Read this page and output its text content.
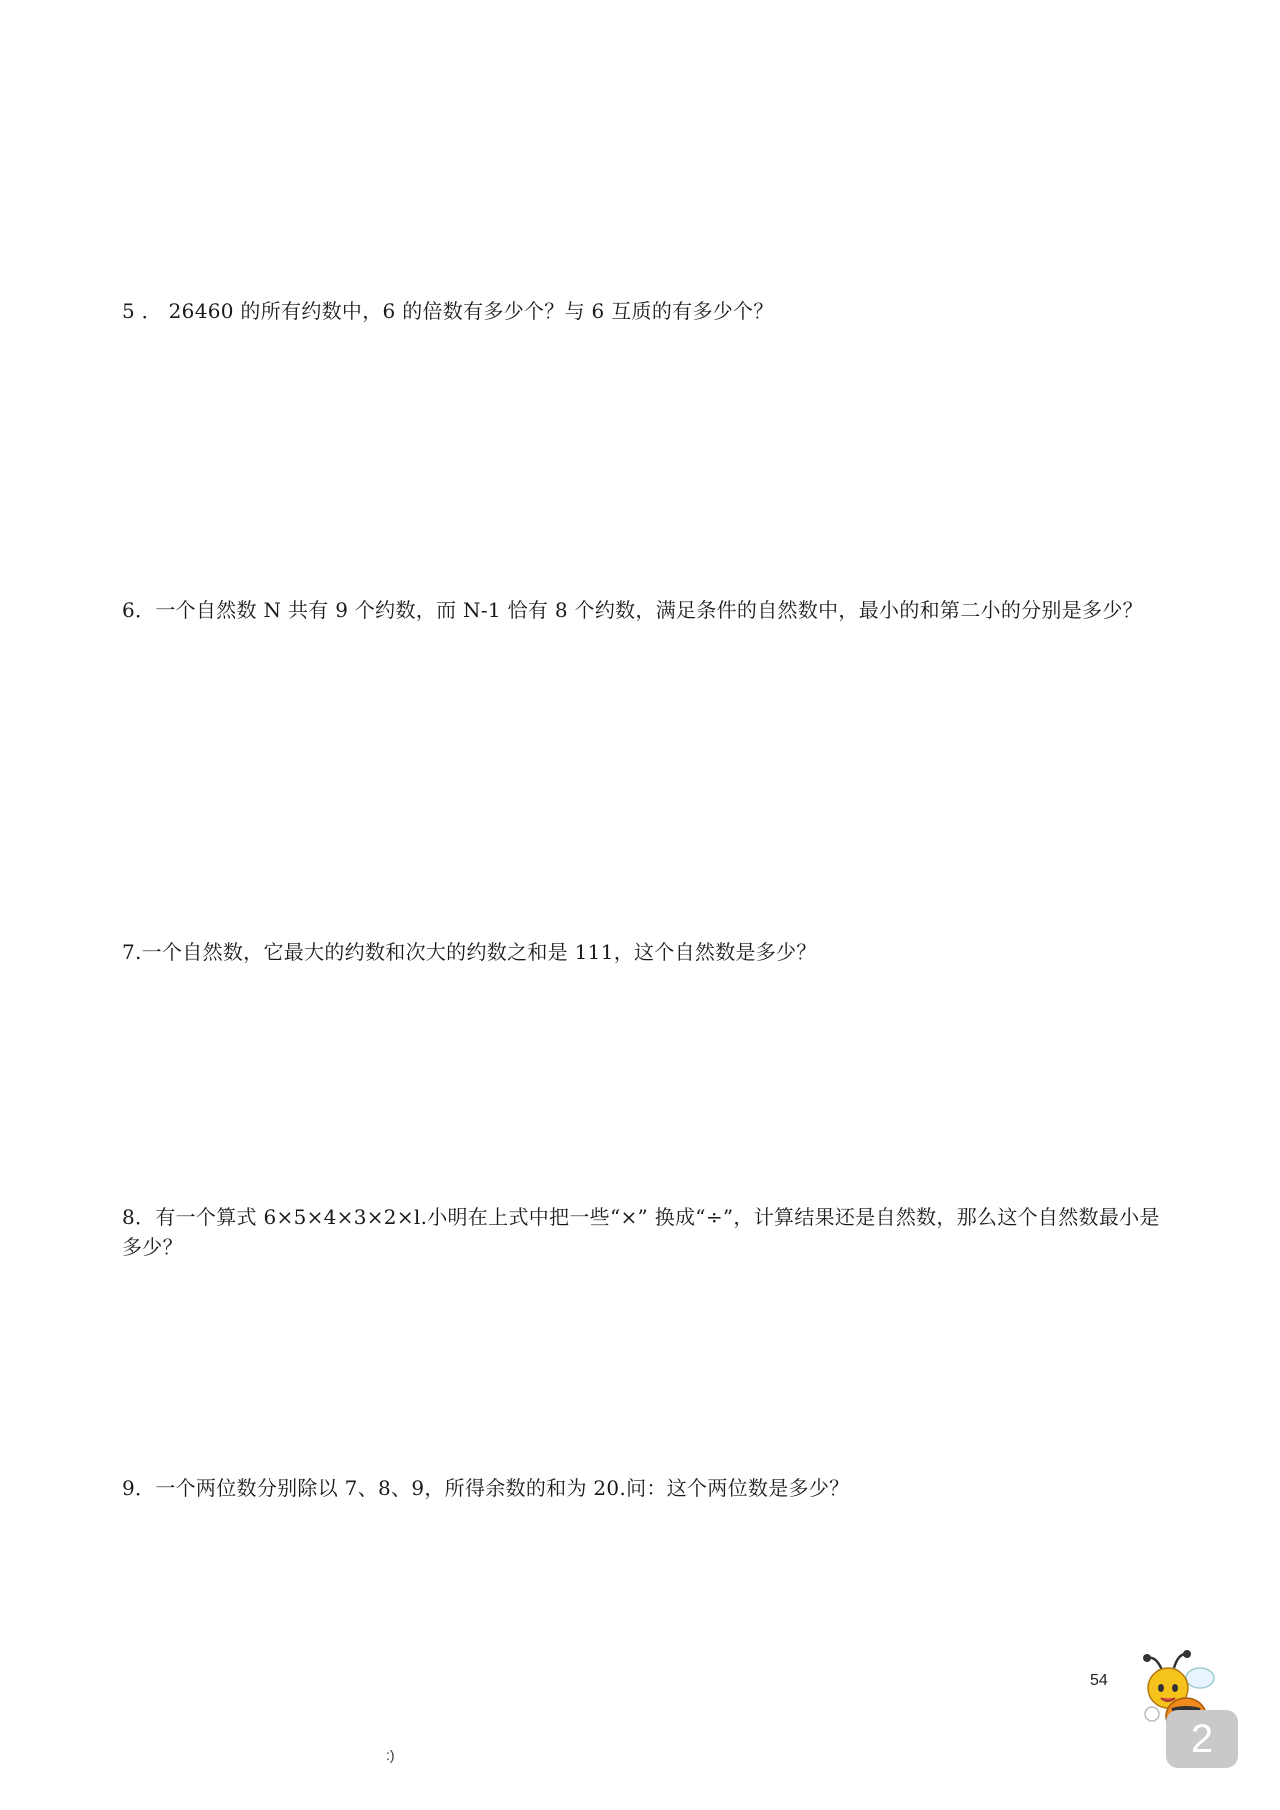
5 ． 26460 的所有约数中，6 的倍数有多少个？与 6 互质的有多少个？
6．一个自然数 N 共有 9 个约数，而 N-1 恰有 8 个约数，满足条件的自然数中，最小的和第二小的分别是多少？
7.一个自然数，它最大的约数和次大的约数之和是 111，这个自然数是多少？
8．有一个算式 6×5×4×3×2×l.小明在上式中把一些“×” 换成“÷”，计算结果还是自然数，那么这个自然数最小是多少？
9．一个两位数分别除以 7、8、9，所得余数的和为 20.问：这个两位数是多少？
54
:)	2
